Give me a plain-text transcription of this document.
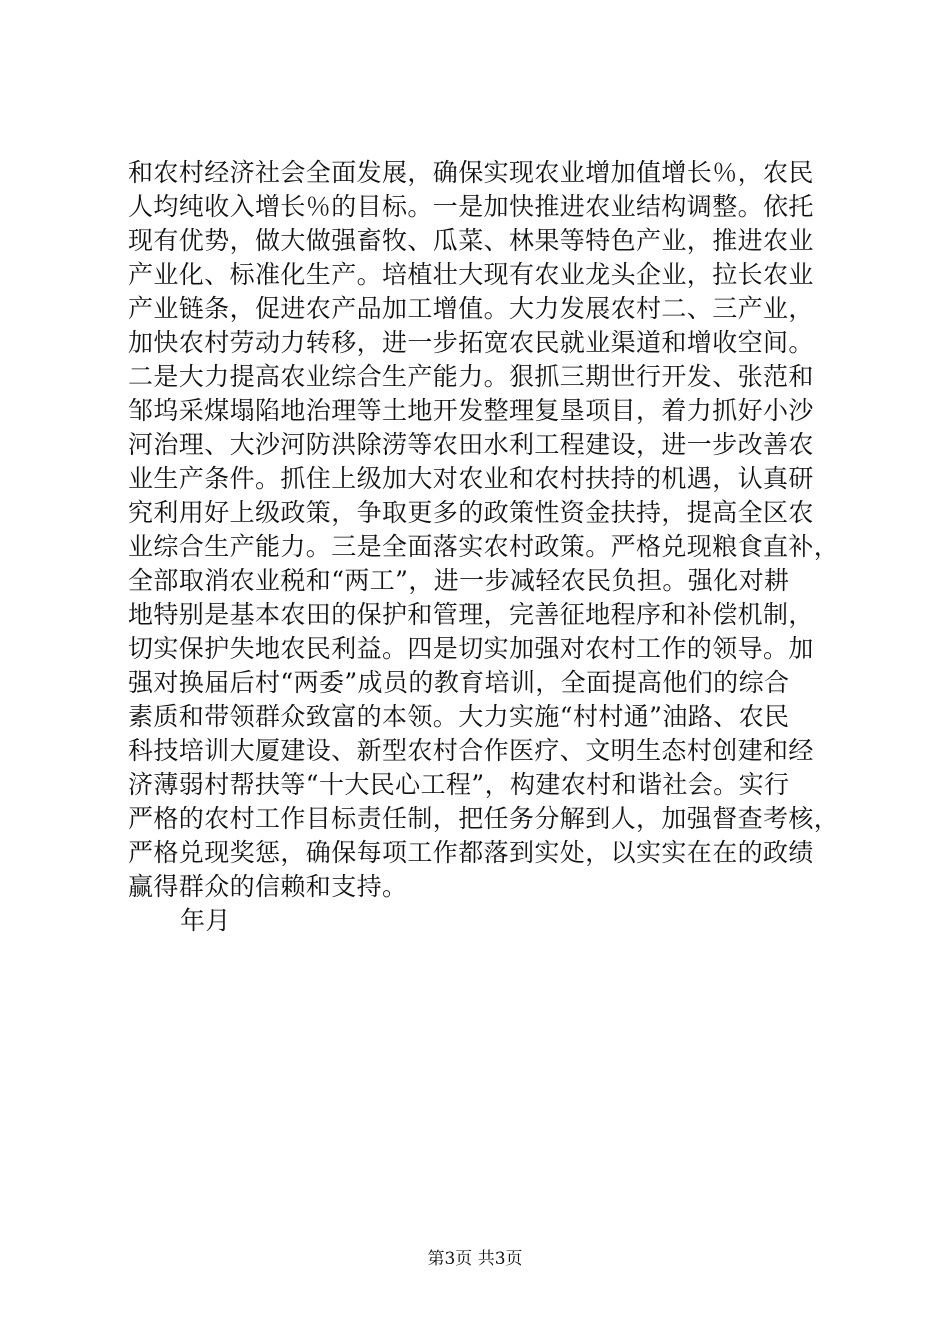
和农村经济社会全面发展，确保实现农业增加值增长％，农民
人均纯收入增长％的目标。一是加快推进农业结构调整。依托
现有优势，做大做强畜牧、瓜菜、林果等特色产业，推进农业
产业化、标准化生产。培植壮大现有农业龙头企业，拉长农业
产业链条，促进农产品加工增值。大力发展农村二、三产业，
加快农村劳动力转移，进一步拓宽农民就业渠道和增收空间。
二是大力提高农业综合生产能力。狠抓三期世行开发、张范和
邹坞采煤塌陷地治理等土地开发整理复垦项目，着力抓好小沙
河治理、大沙河防洪除涝等农田水利工程建设，进一步改善农
业生产条件。抓住上级加大对农业和农村扶持的机遇，认真研
究利用好上级政策，争取更多的政策性资金扶持，提高全区农
业综合生产能力。三是全面落实农村政策。严格兑现粮食直补，
全部取消农业税和“两工”，进一步减轻农民负担。强化对耕
地特别是基本农田的保护和管理，完善征地程序和补偿机制，
切实保护失地农民利益。四是切实加强对农村工作的领导。加
强对换届后村“两委”成员的教育培训，全面提高他们的综合
素质和带领群众致富的本领。大力实施“村村通”油路、农民
科技培训大厦建设、新型农村合作医疗、文明生态村创建和经
济薄弱村帮扶等“十大民心工程”，构建农村和谐社会。实行
严格的农村工作目标责任制，把任务分解到人，加强督查考核，
严格兑现奖惩，确保每项工作都落到实处，以实实在在的政绩
赢得群众的信赖和支持。
年月
第3页 共3页
